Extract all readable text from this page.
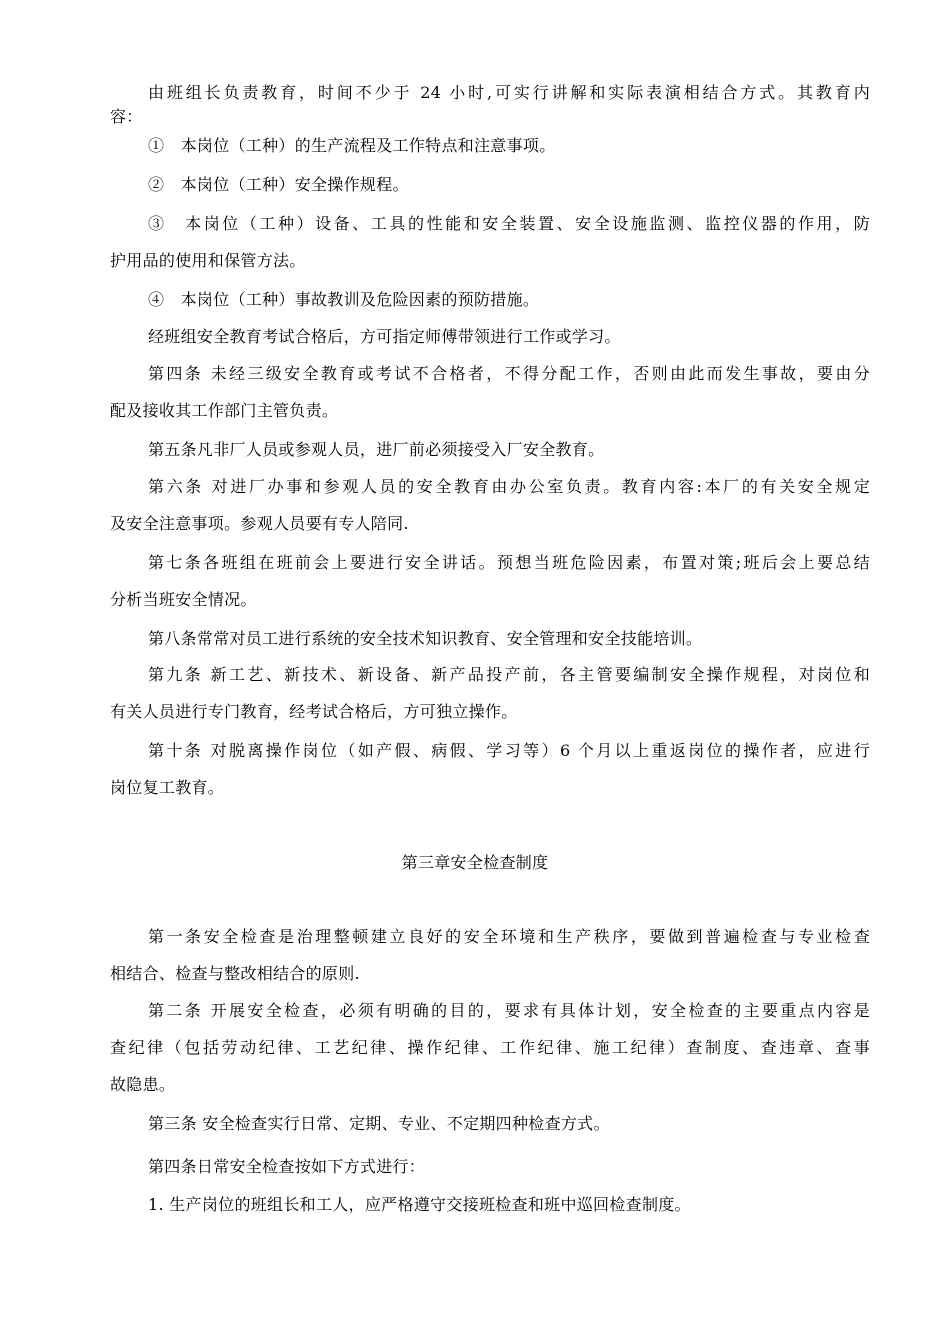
由班组长负责教育，时间不少于 24 小时,可实行讲解和实际表演相结合方式。其教育内
容：
①　本岗位（工种）的生产流程及工作特点和注意事项。
②　本岗位（工种）安全操作规程。
③　本岗位（工种）设备、工具的性能和安全装置、安全设施监测、监控仪器的作用，防
护用品的使用和保管方法。
④　本岗位（工种）事故教训及危险因素的预防措施。
经班组安全教育考试合格后，方可指定师傅带领进行工作或学习。
第四条 未经三级安全教育或考试不合格者，不得分配工作，否则由此而发生事故，要由分
配及接收其工作部门主管负责。
第五条凡非厂人员或参观人员，进厂前必须接受入厂安全教育。
第六条 对进厂办事和参观人员的安全教育由办公室负责。教育内容:本厂的有关安全规定
及安全注意事项。参观人员要有专人陪同.
第七条各班组在班前会上要进行安全讲话。预想当班危险因素，布置对策;班后会上要总结
分析当班安全情况。
第八条常常对员工进行系统的安全技术知识教育、安全管理和安全技能培训。
第九条 新工艺、新技术、新设备、新产品投产前，各主管要编制安全操作规程，对岗位和
有关人员进行专门教育，经考试合格后，方可独立操作。
第十条 对脱离操作岗位（如产假、病假、学习等）6 个月以上重返岗位的操作者，应进行
岗位复工教育。
第三章安全检查制度
第一条安全检查是治理整顿建立良好的安全环境和生产秩序，要做到普遍检查与专业检查
相结合、检查与整改相结合的原则.
第二条 开展安全检查，必须有明确的目的，要求有具体计划，安全检查的主要重点内容是
查纪律（包括劳动纪律、工艺纪律、操作纪律、工作纪律、施工纪律）查制度、查违章、查事
故隐患。
第三条 安全检查实行日常、定期、专业、不定期四种检查方式。
第四条日常安全检查按如下方式进行：
1. 生产岗位的班组长和工人，应严格遵守交接班检查和班中巡回检查制度。
